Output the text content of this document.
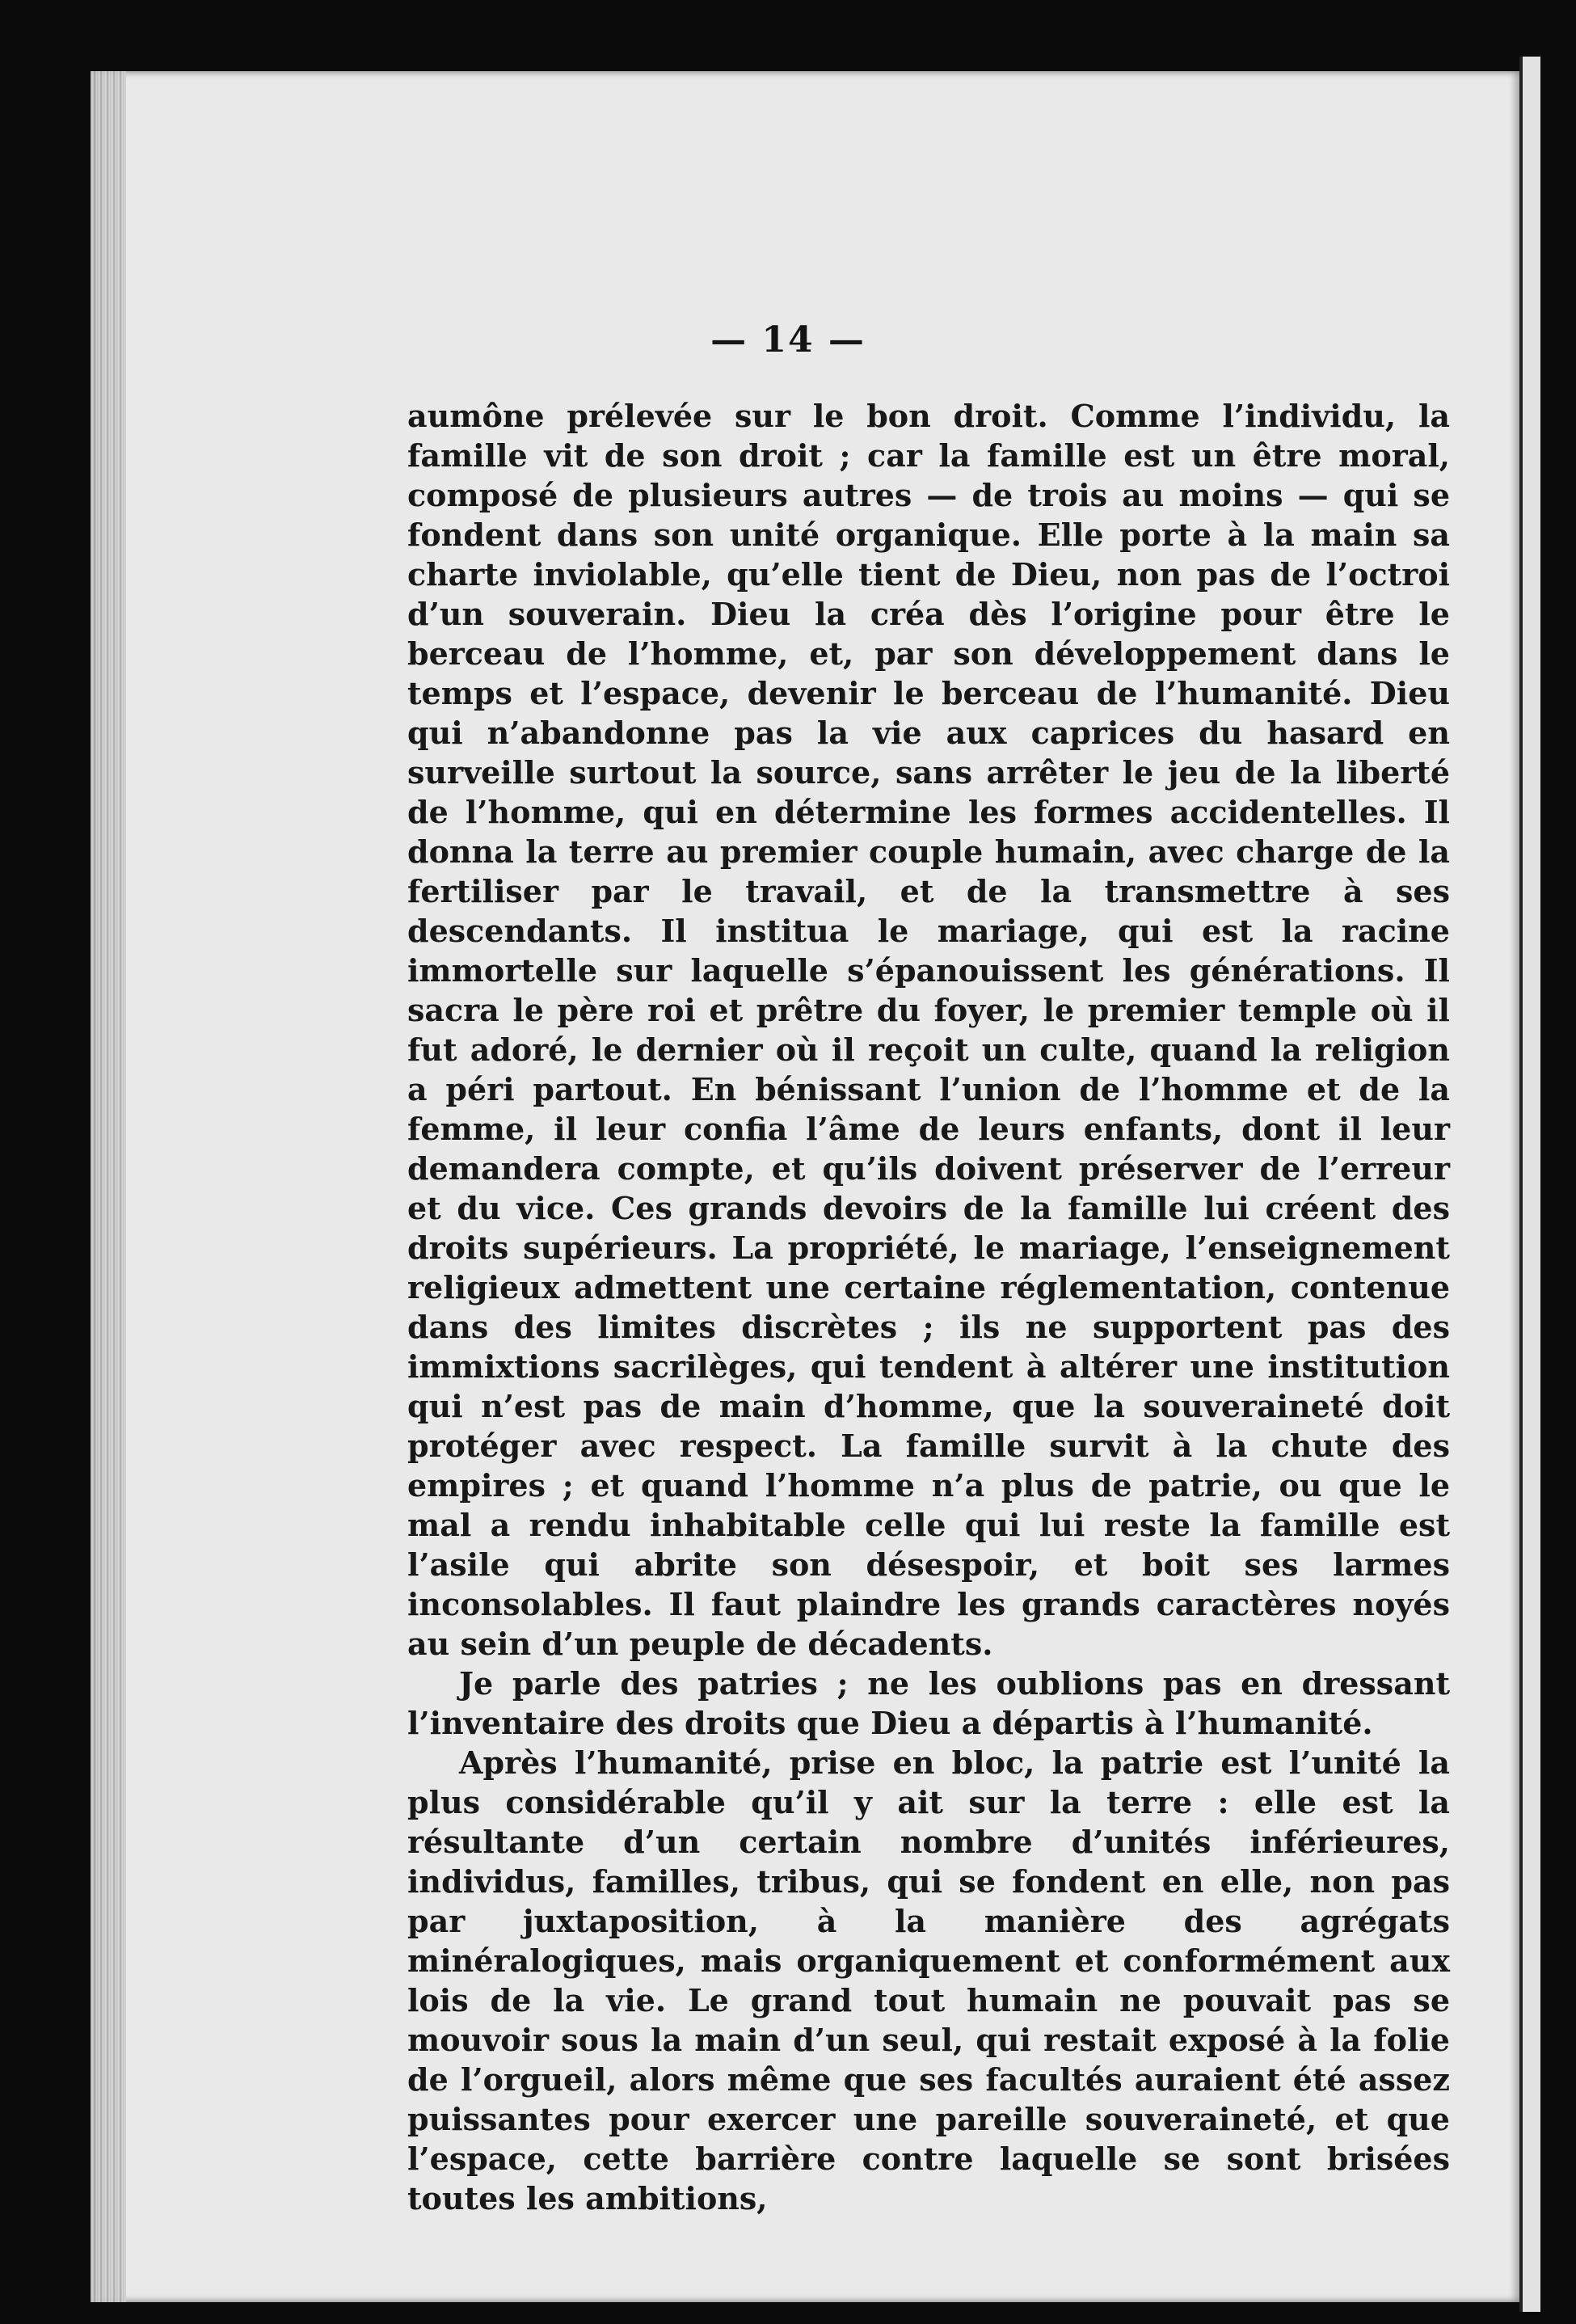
— 14 —

aumône prélevée sur le bon droit. Comme l’individu, la famille vit de son droit ; car la famille est un être moral, composé de plusieurs autres — de trois au moins — qui se fondent dans son unité organique. Elle porte à la main sa charte inviolable, qu’elle tient de Dieu, non pas de l’octroi d’un souverain. Dieu la créa dès l’origine pour être le berceau de l’homme, et, par son développement dans le temps et l’espace, devenir le berceau de l’humanité. Dieu qui n’abandonne pas la vie aux caprices du hasard en surveille surtout la source, sans arrêter le jeu de la liberté de l’homme, qui en détermine les formes accidentelles. Il donna la terre au premier couple humain, avec charge de la fertiliser par le travail, et de la transmettre à ses descendants. Il institua le mariage, qui est la racine immortelle sur laquelle s’épanouissent les générations. Il sacra le père roi et prêtre du foyer, le premier temple où il fut adoré, le dernier où il reçoit un culte, quand la religion a péri partout. En bénissant l’union de l’homme et de la femme, il leur confia l’âme de leurs enfants, dont il leur demandera compte, et qu’ils doivent préserver de l’erreur et du vice. Ces grands devoirs de la famille lui créent des droits supérieurs. La propriété, le mariage, l’enseignement religieux admettent une certaine réglementation, contenue dans des limites discrètes ; ils ne supportent pas des immixtions sacrilèges, qui tendent à altérer une institution qui n’est pas de main d’homme, que la souveraineté doit protéger avec respect. La famille survit à la chute des empires ; et quand l’homme n’a plus de patrie, ou que le mal a rendu inhabitable celle qui lui reste la famille est l’asile qui abrite son désespoir, et boit ses larmes inconsolables. Il faut plaindre les grands caractères noyés au sein d’un peuple de décadents.

Je parle des patries ; ne les oublions pas en dressant l’inventaire des droits que Dieu a départis à l’humanité.

Après l’humanité, prise en bloc, la patrie est l’unité la plus considérable qu’il y ait sur la terre : elle est la résultante d’un certain nombre d’unités inférieures, individus, familles, tribus, qui se fondent en elle, non pas par juxtaposition, à la manière des agrégats minéralogiques, mais organiquement et conformément aux lois de la vie. Le grand tout humain ne pouvait pas se mouvoir sous la main d’un seul, qui restait exposé à la folie de l’orgueil, alors même que ses facultés auraient été assez puissantes pour exercer une pareille souveraineté, et que l’espace, cette barrière contre laquelle se sont brisées toutes les ambitions,
